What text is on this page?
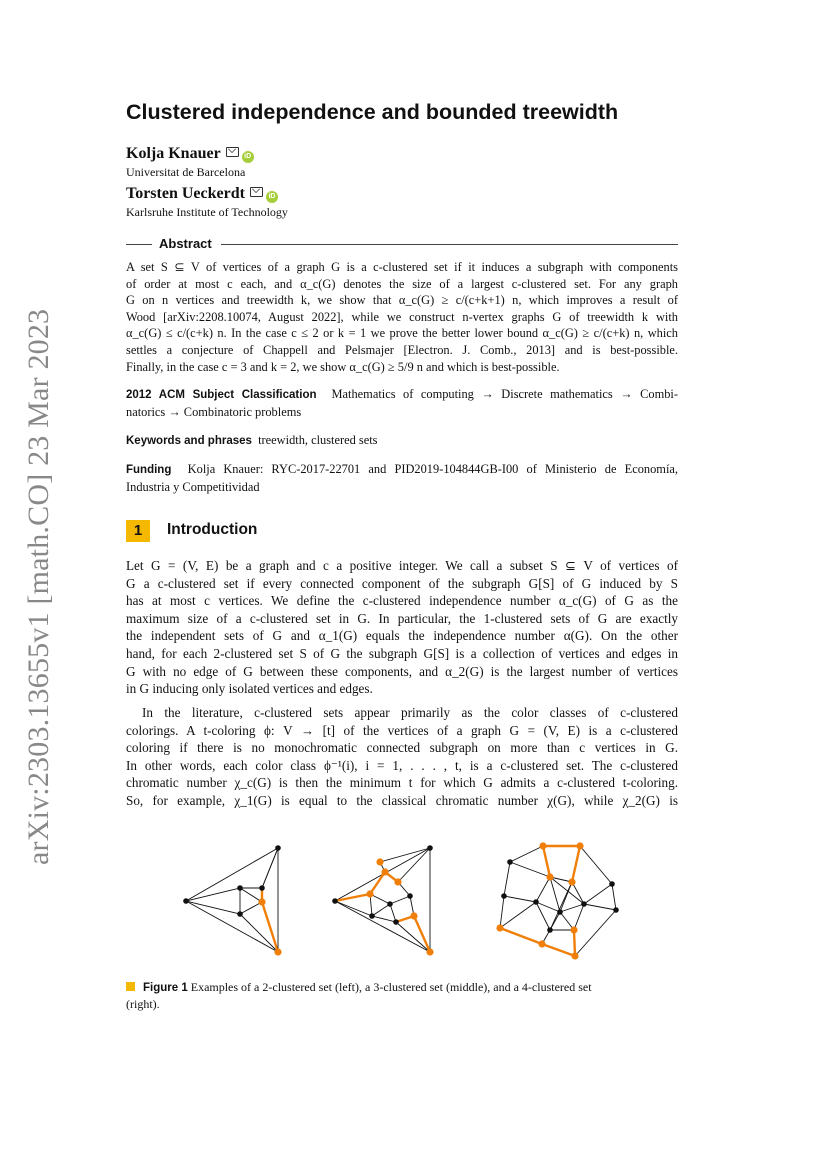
arXiv:2303.13655v1 [math.CO] 23 Mar 2023
Clustered independence and bounded treewidth
Kolja Knauer	iD
Universitat de Barcelona
Torsten Ueckerdt	iD
Karlsruhe Institute of Technology
Abstract
A set S ⊆ V of vertices of a graph G is a c-clustered set if it induces a subgraph with components
of order at most c each, and α_c(G) denotes the size of a largest c-clustered set. For any graph
G on n vertices and treewidth k, we show that α_c(G) ≥ c/(c+k+1) n, which improves a result of
Wood [arXiv:2208.10074, August 2022], while we construct n-vertex graphs G of treewidth k with
α_c(G) ≤ c/(c+k) n. In the case c ≤ 2 or k = 1 we prove the better lower bound α_c(G) ≥ c/(c+k) n, which
settles a conjecture of Chappell and Pelsmajer [Electron. J. Comb., 2013] and is best-possible.
Finally, in the case c = 3 and k = 2, we show α_c(G) ≥ 5/9 n and which is best-possible.
2012 ACM Subject Classification Mathematics of computing → Discrete mathematics → Combi-
natorics → Combinatoric problems
Keywords and phrases treewidth, clustered sets
Funding Kolja Knauer: RYC-2017-22701 and PID2019-104844GB-I00 of Ministerio de Economía,
Industria y Competitividad
1	Introduction
Let G = (V, E) be a graph and c a positive integer. We call a subset S ⊆ V of vertices of
G a c-clustered set if every connected component of the subgraph G[S] of G induced by S
has at most c vertices. We define the c-clustered independence number α_c(G) of G as the
maximum size of a c-clustered set in G. In particular, the 1-clustered sets of G are exactly
the independent sets of G and α_1(G) equals the independence number α(G). On the other
hand, for each 2-clustered set S of G the subgraph G[S] is a collection of vertices and edges in
G with no edge of G between these components, and α_2(G) is the largest number of vertices
in G inducing only isolated vertices and edges.
In the literature, c-clustered sets appear primarily as the color classes of c-clustered
colorings. A t-coloring ϕ: V → [t] of the vertices of a graph G = (V, E) is a c-clustered
coloring if there is no monochromatic connected subgraph on more than c vertices in G.
In other words, each color class ϕ⁻¹(i), i = 1, . . . , t, is a c-clustered set. The c-clustered
chromatic number χ_c(G) is then the minimum t for which G admits a c-clustered t-coloring.
So, for example, χ_1(G) is equal to the classical chromatic number χ(G), while χ_2(G) is
Figure 1 Examples of a 2-clustered set (left), a 3-clustered set (middle), and a 4-clustered set
(right).
